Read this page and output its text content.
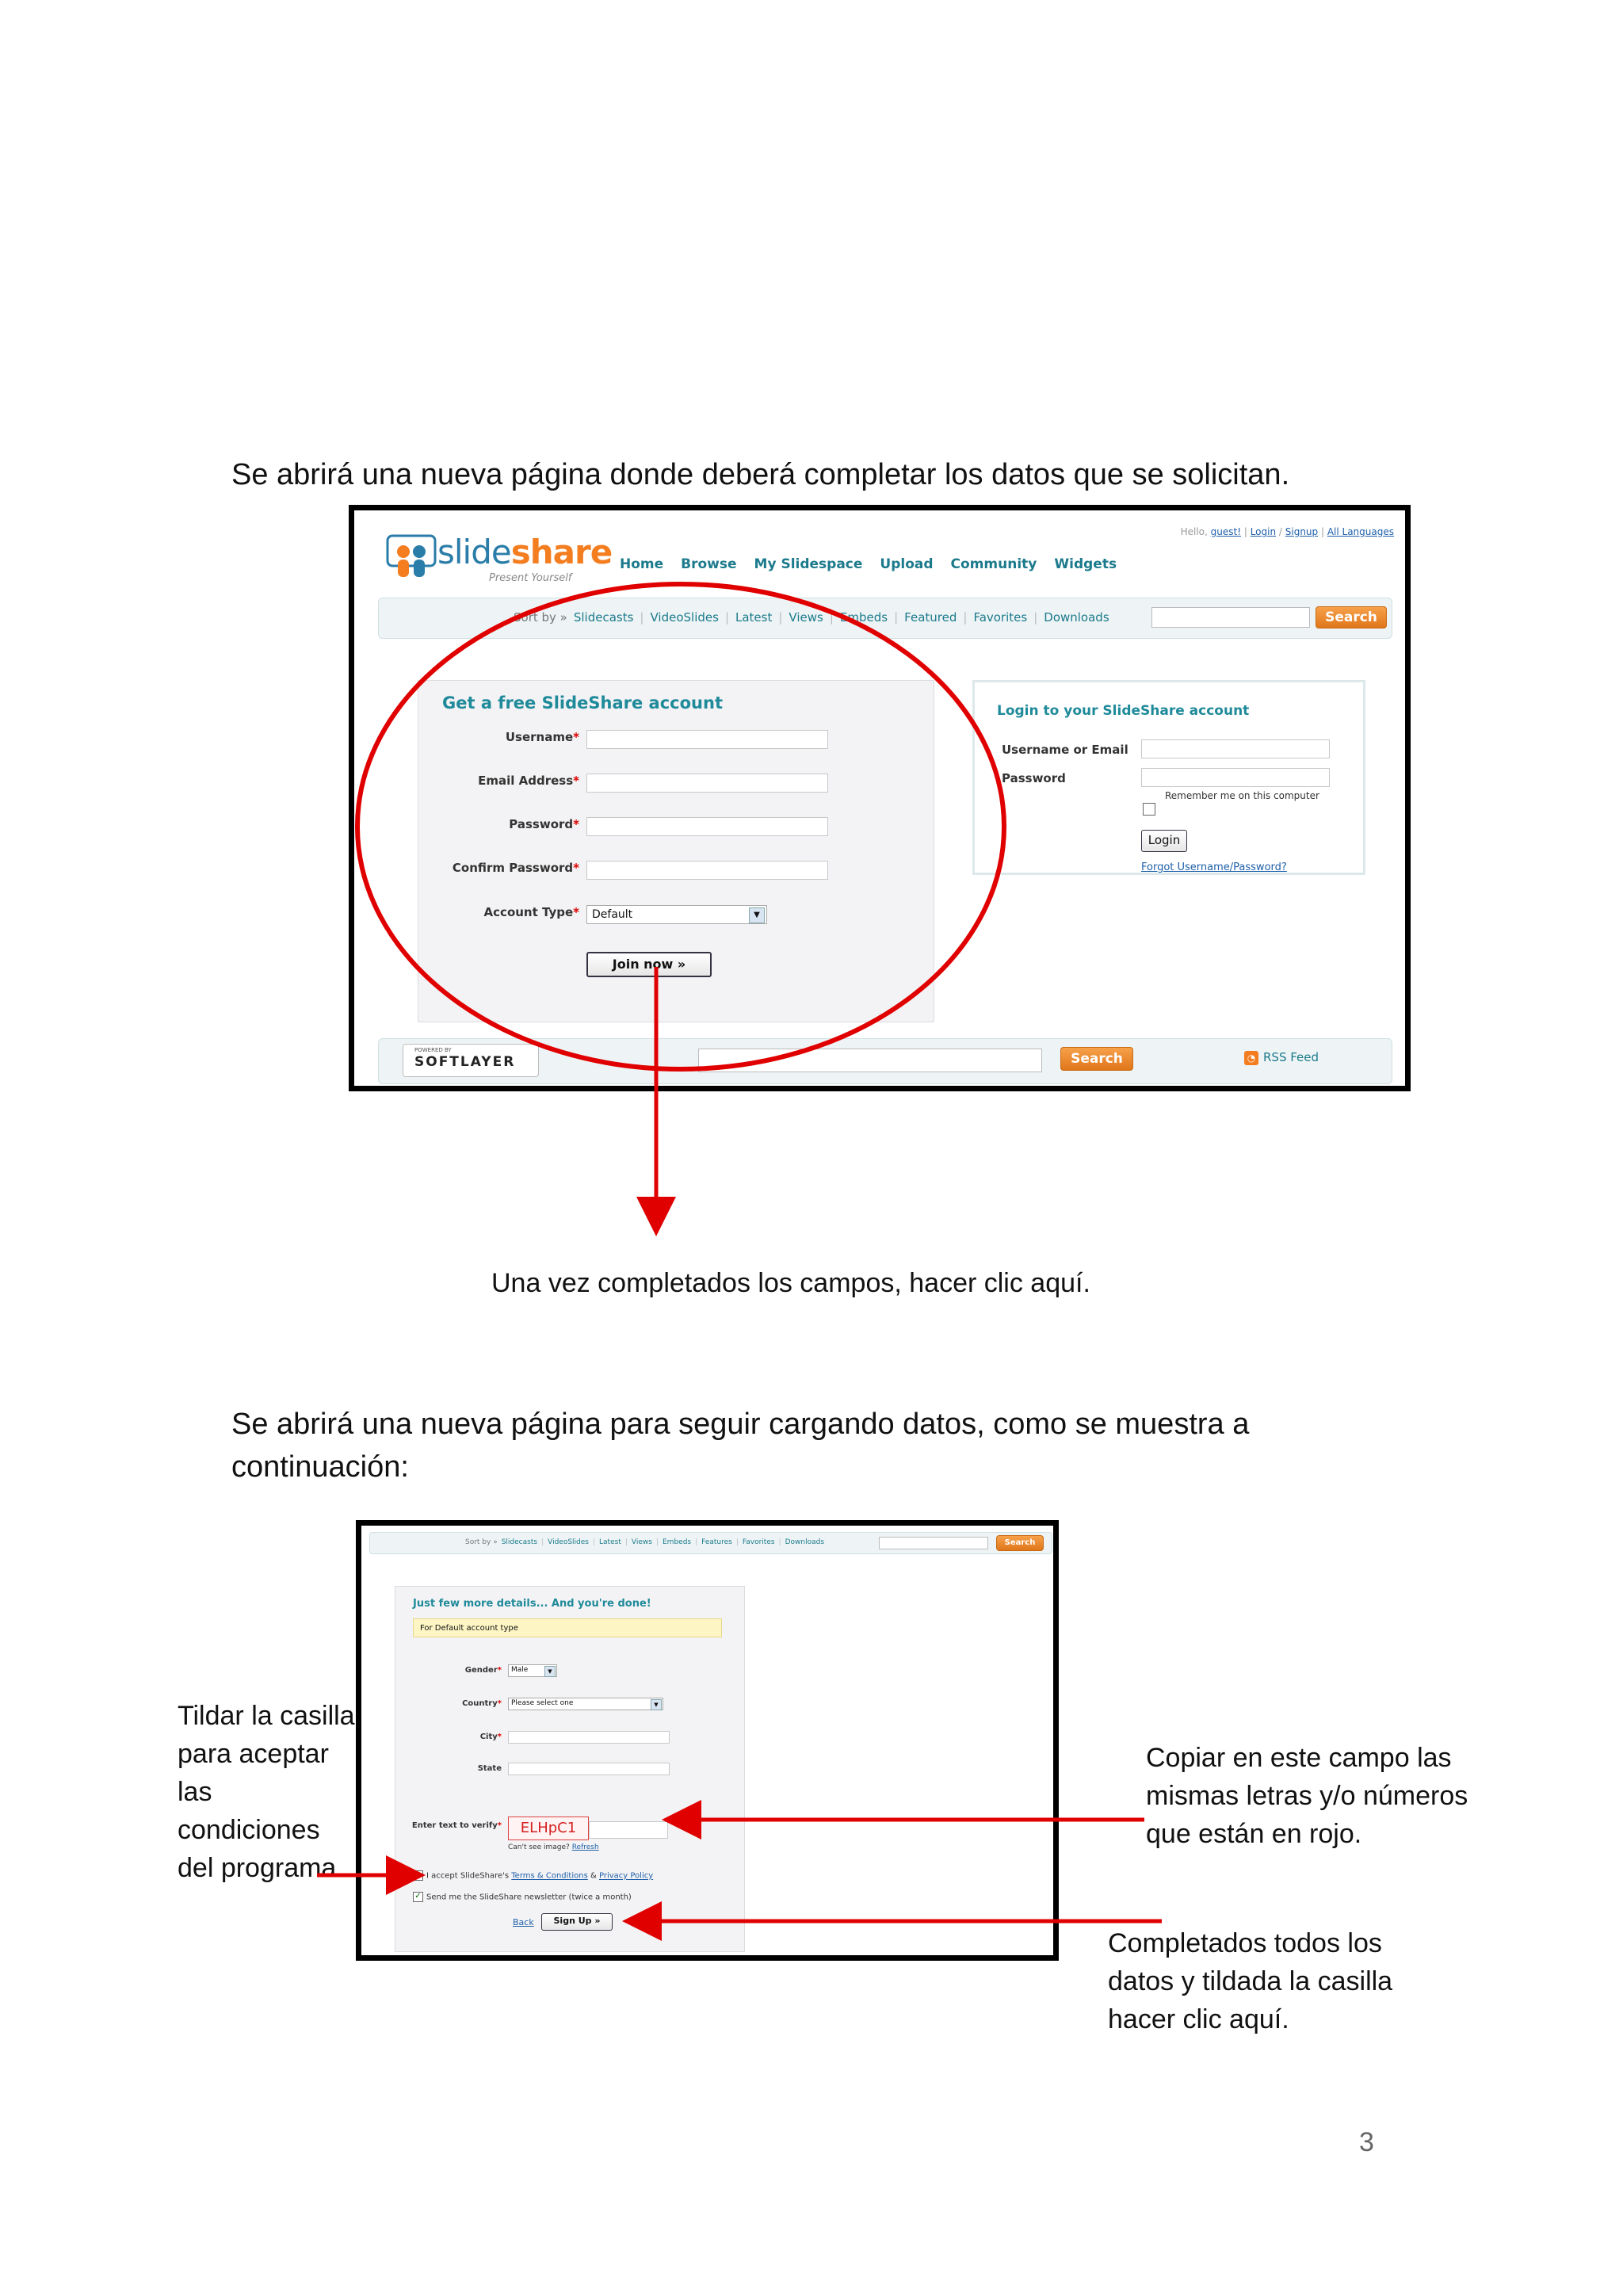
Se abrirá una nueva página donde deberá completar los datos que se solicitan.
slideshare
Present Yourself
Hello, guest! | Login / Signup | All Languages
Home Browse My Slidespace Upload Community Widgets
Sort by » Slidecasts | VideoSlides | Latest | Views | Embeds | Featured | Favorites | Downloads	Search
Get a free SlideShare account
Username*
Email Address*
Password*
Confirm Password*
Account Type*	Default	▼
Join now »
Login to your SlideShare account
Username or Email
Password
Remember me on this computer
Login
Forgot Username/Password?
POWERED BY
SOFTLAYER	Search	◔ RSS Feed
Una vez completados los campos, hacer clic aquí.
Se abrirá una nueva página para seguir cargando datos, como se muestra a continuación:
Sort by » Slidecasts | VideoSlides | Latest | Views | Embeds | Features | Favorites | Downloads	Search
Just few more details... And you're done!
For Default account type
Gender*	Male	▼
Country*	Please select one	▼
City*
State
Enter text to verify*	ELHpC1
Can't see image? Refresh
I accept SlideShare's Terms & Conditions & Privacy Policy
✓ Send me the SlideShare newsletter (twice a month)
Back	Sign Up »
Tildar la casilla
para aceptar
las
condiciones
del programa
Copiar en este campo las
mismas letras y/o números
que están en rojo.
Completados todos los
datos y tildada la casilla
hacer clic aquí.
3
